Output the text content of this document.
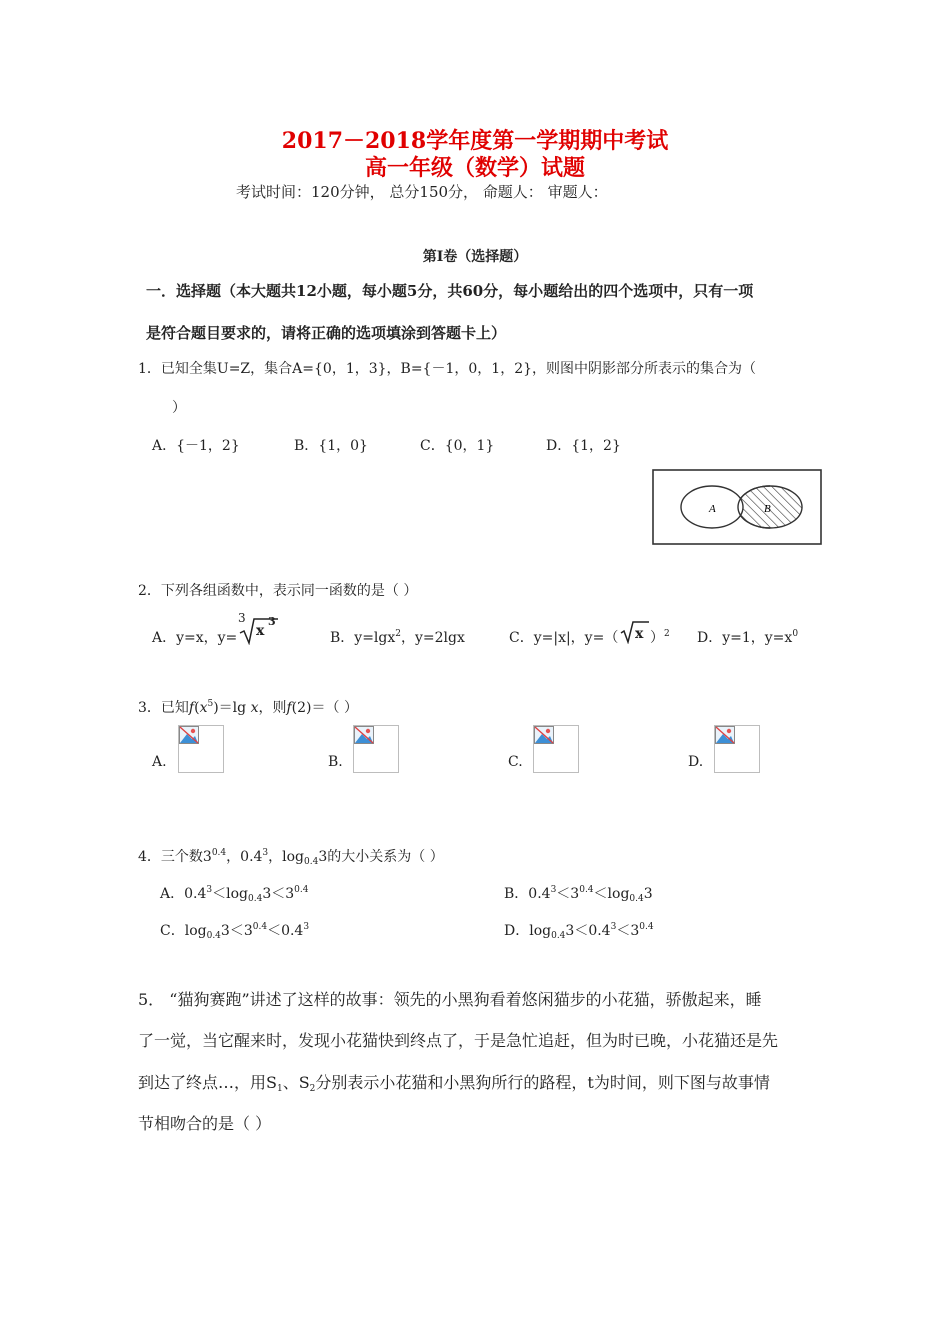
2017－2018学年度第一学期期中考试
高一年级（数学）试题
考试时间：120分钟， 总分150分， 命题人： 审题人：
第Ⅰ卷（选择题）
一．选择题（本大题共12小题，每小题5分，共60分，每小题给出的四个选项中，只有一项
是符合题目要求的，请将正确的选项填涂到答题卡上）
1．已知全集U=Z，集合A={0，1，3}，B={－1，0，1，2}，则图中阴影部分所表示的集合为（
）
A．{－1，2}	B．{1，0}	C．{0，1}	D．{1，2}
A	B
2．下列各组函数中，表示同一函数的是（ ）
A．y=x，y=
3
x
3
B．y=lgx$^2$，y=2lgx	C．y=|x|，y=（ x ）$^2$ D．y=1，$y=x^0$
3．已知$f(x^5)=\lg$ x，则f(2)＝（ ）
A.	B.	C.	D.
4．三个数$3^{0.4}$，$0.4^3$，$\log_{0.4}3$的大小关系为（ ）
A．$0.4^3<\log_{0.4}3<3^{0.4}$	B．$0.4^3<3^{0.4}<\log_{0.4}3$
C．$\log_{0.4}3<3^{0.4}<0.4^3$	D．$\log_{0.4}3<0.4^3<3^{0.4}$
5． “猫狗赛跑”讲述了这样的故事：领先的小黑狗看着悠闲猫步的小花猫，骄傲起来，睡
了一觉，当它醒来时，发现小花猫快到终点了，于是急忙追赶，但为时已晚，小花猫还是先
到达了终点…，用$S_1$、$S_2$分别表示小花猫和小黑狗所行的路程，t为时间，则下图与故事情
节相吻合的是（ ）
